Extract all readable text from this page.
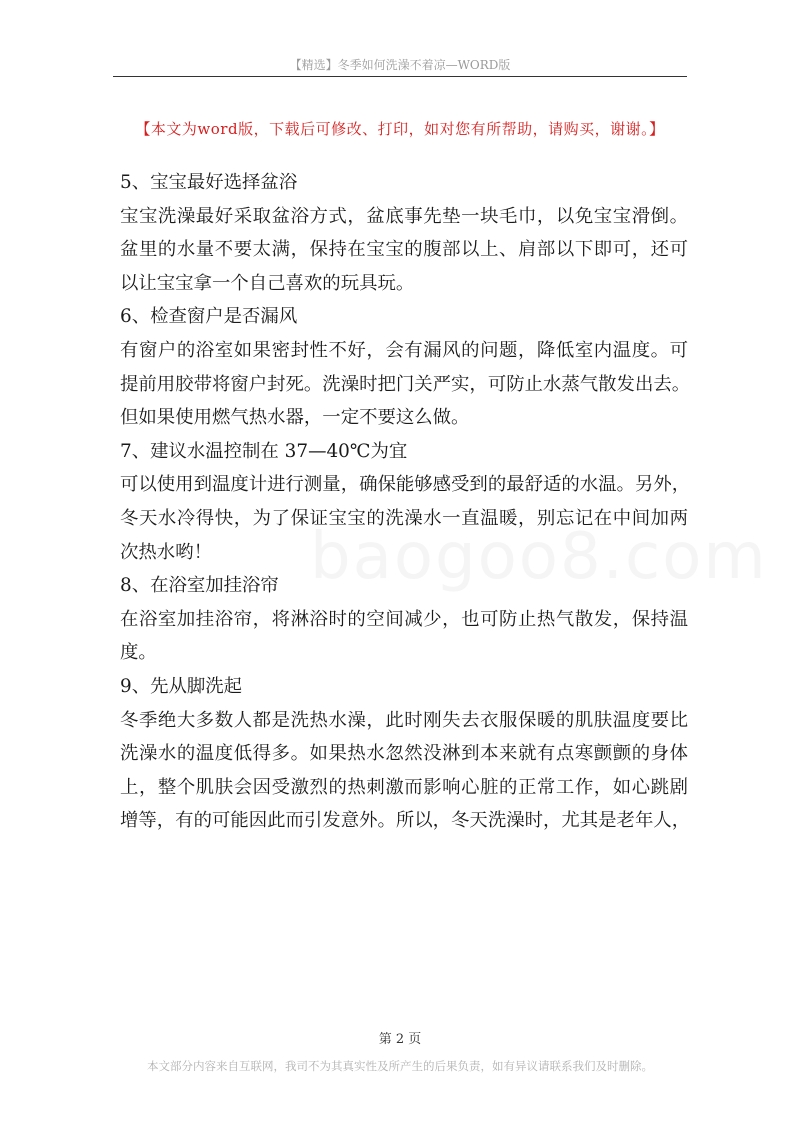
【精选】冬季如何洗澡不着凉—WORD版
【本文为word版，下载后可修改、打印，如对您有所帮助，请购买，谢谢。】
baogoo8.com
5、宝宝最好选择盆浴
宝宝洗澡最好采取盆浴方式，盆底事先垫一块毛巾，以免宝宝滑倒。
盆里的水量不要太满，保持在宝宝的腹部以上、肩部以下即可，还可
以让宝宝拿一个自己喜欢的玩具玩。
6、检查窗户是否漏风
有窗户的浴室如果密封性不好，会有漏风的问题，降低室内温度。可
提前用胶带将窗户封死。洗澡时把门关严实，可防止水蒸气散发出去。
但如果使用燃气热水器，一定不要这么做。
7、建议水温控制在 37—40℃为宜
可以使用到温度计进行测量，确保能够感受到的最舒适的水温。另外，
冬天水冷得快，为了保证宝宝的洗澡水一直温暖，别忘记在中间加两
次热水哟！
8、在浴室加挂浴帘
在浴室加挂浴帘，将淋浴时的空间减少，也可防止热气散发，保持温
度。
9、先从脚洗起
冬季绝大多数人都是洗热水澡，此时刚失去衣服保暖的肌肤温度要比
洗澡水的温度低得多。如果热水忽然没淋到本来就有点寒颤颤的身体
上，整个肌肤会因受激烈的热刺激而影响心脏的正常工作，如心跳剧
增等，有的可能因此而引发意外。所以，冬天洗澡时，尤其是老年人，
第 2 页
本文部分内容来自互联网，我司不为其真实性及所产生的后果负责，如有异议请联系我们及时删除。
